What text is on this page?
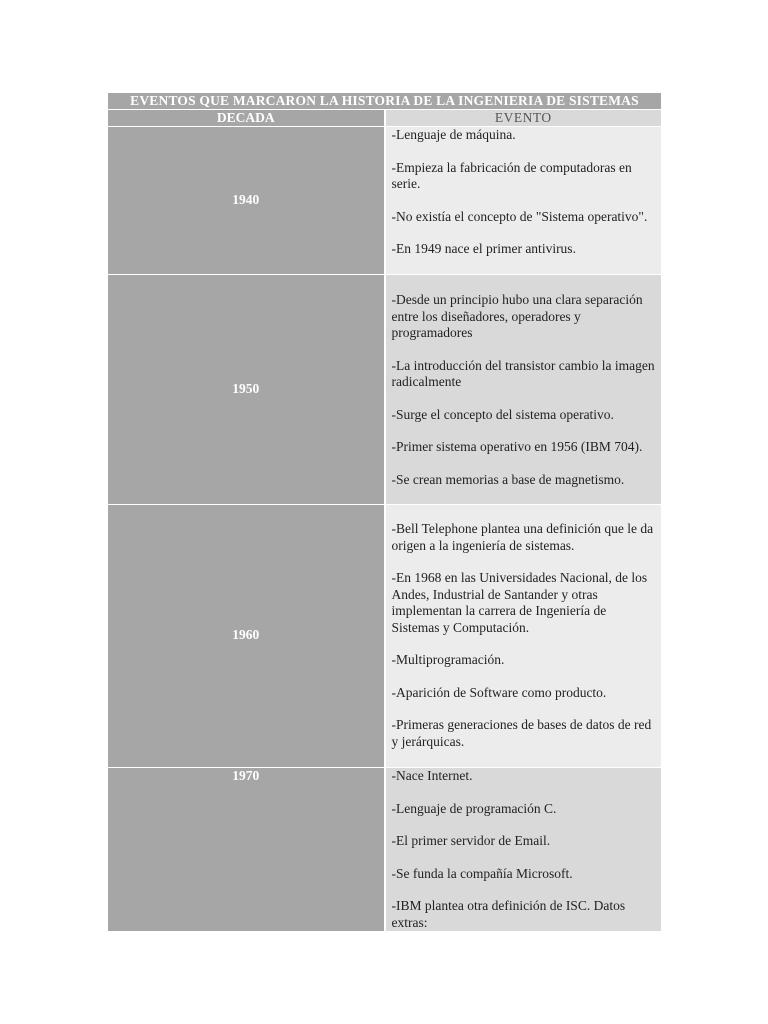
EVENTOS QUE MARCARON LA HISTORIA DE LA INGENIERIA DE SISTEMAS	
DECADA	EVENTO

1940	-Lenguaje de máquina.

-Empieza la fabricación de computadoras en serie.

-No existía el concepto de "Sistema operativo".

-En 1949 nace el primer antivirus.

1950	-Desde un principio hubo una clara separación entre los diseñadores, operadores y programadores

-La introducción del transistor cambio la imagen radicalmente

-Surge el concepto del sistema operativo.

-Primer sistema operativo en 1956 (IBM 704).

-Se crean memorias a base de magnetismo.

1960	-Bell Telephone plantea una definición que le da origen a la ingeniería de sistemas.

-En 1968 en las Universidades Nacional, de los Andes, Industrial de Santander y otras implementan la carrera de Ingeniería de Sistemas y Computación.

-Multiprogramación.

-Aparición de Software como producto.

-Primeras generaciones de bases de datos de red y jerárquicas.

1970	-Nace Internet.

-Lenguaje de programación C.

-El primer servidor de Email.

-Se funda la compañía Microsoft.

-IBM plantea otra definición de ISC. Datos extras:
